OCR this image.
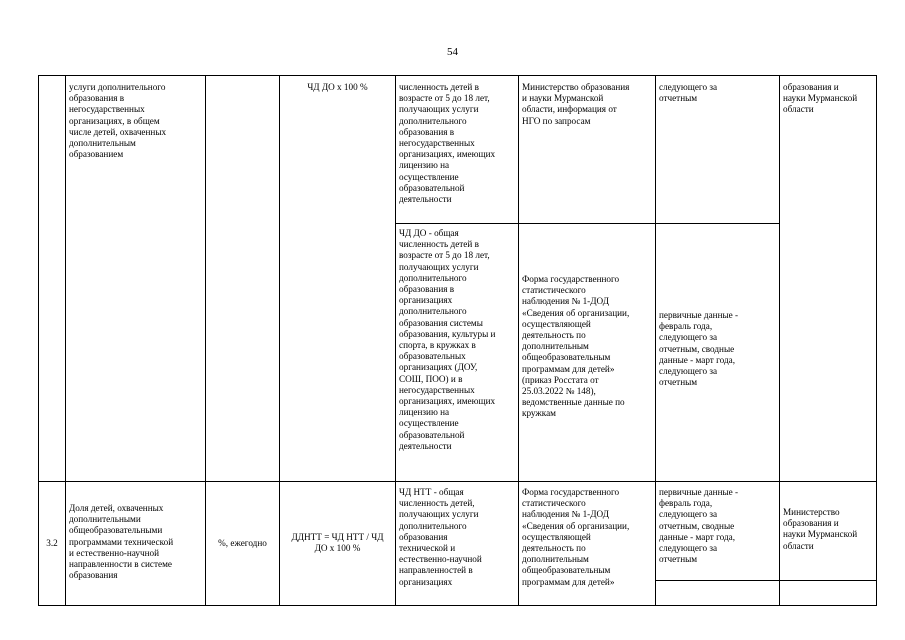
54
услуги дополнительного
образования в
негосударственных
организациях, в общем
числе детей, охваченных
дополнительным
образованием
ЧД ДО х 100 %	численность детей в
возрасте от 5 до 18 лет,
получающих услуги
дополнительного
образования в
негосударственных
организациях, имеющих
лицензию на
осуществление
образовательной
деятельности
Министерство образования
и науки Мурманской
области, информация от
НГО по запросам
следующего за
отчетным
образования и
науки Мурманской
области
ЧД ДО - общая
численность детей в
возрасте от 5 до 18 лет,
получающих услуги
дополнительного
образования в
организациях
дополнительного
образования системы
образования, культуры и
спорта, в кружках в
образовательных
организациях (ДОУ,
СОШ, ПОО) и в
негосударственных
организациях, имеющих
лицензию на
осуществление
образовательной
деятельности
Форма государственного
статистического
наблюдения № 1-ДОД
«Сведения об организации,
осуществляющей
деятельность по
дополнительным
общеобразовательным
программам для детей»
(приказ Росстата от
25.03.2022 № 148),
ведомственные данные по
кружкам
первичные данные -
февраль года,
следующего за
отчетным, сводные
данные - март года,
следующего за
отчетным
3.2
Доля детей, охваченных
дополнительными
общеобразовательными
программами технической
и естественно-научной
направленности в системе
образования
%, ежегодно
ДДНТТ = ЧД НТТ / ЧД
ДО х 100 %
ЧД НТТ - общая
численность детей,
получающих услуги
дополнительного
образования
технической и
естественно-научной
направленностей в
организациях
Форма государственного
статистического
наблюдения № 1-ДОД
«Сведения об организации,
осуществляющей
деятельность по
дополнительным
общеобразовательным
программам для детей»
первичные данные -
февраль года,
следующего за
отчетным, сводные
данные - март года,
следующего за
отчетным
Министерство
образования и
науки Мурманской
области
